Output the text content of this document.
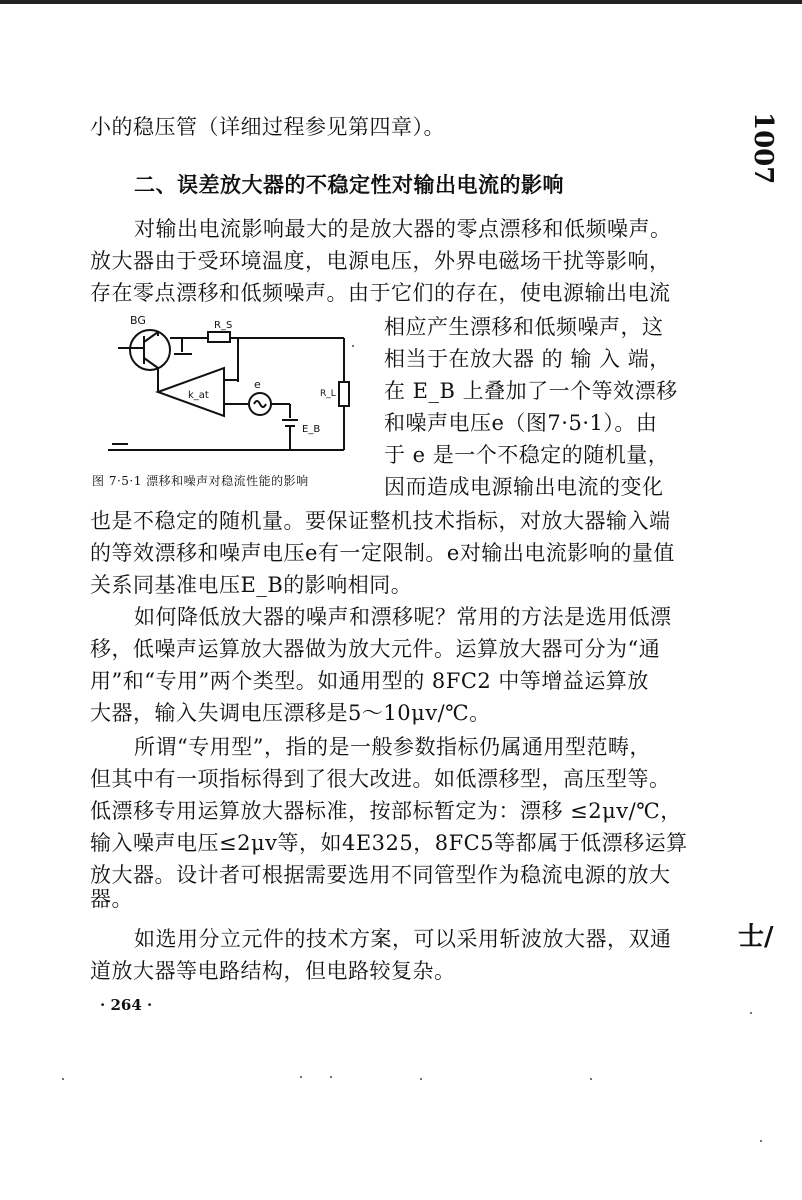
小的稳压管（详细过程参见第四章）。
二、误差放大器的不稳定性对输出电流的影响
对输出电流影响最大的是放大器的零点漂移和低频噪声。
放大器由于受环境温度，电源电压，外界电磁场干扰等影响，
存在零点漂移和低频噪声。由于它们的存在，使电源输出电流
相应产生漂移和低频噪声，这
相当于在放大器 的 输 入 端，
在 E_B 上叠加了一个等效漂移
和噪声电压e（图7·5·1）。由
于 e 是一个不稳定的随机量，
因而造成电源输出电流的变化
也是不稳定的随机量。要保证整机技术指标，对放大器输入端
的等效漂移和噪声电压e有一定限制。e对输出电流影响的量值
关系同基准电压E_B的影响相同。
如何降低放大器的噪声和漂移呢？常用的方法是选用低漂
移，低噪声运算放大器做为放大元件。运算放大器可分为“通
用”和“专用”两个类型。如通用型的 8FC2 中等增益运算放
大器，输入失调电压漂移是5～10μv/℃。
所谓“专用型”，指的是一般参数指标仍属通用型范畴，
但其中有一项指标得到了很大改进。如低漂移型，高压型等。
低漂移专用运算放大器标准，按部标暂定为：漂移 ≤2μv/℃，
输入噪声电压≤2μv等，如4E325，8FC5等都属于低漂移运算
放大器。设计者可根据需要选用不同管型作为稳流电源的放大
器。
如选用分立元件的技术方案，可以采用斩波放大器，双通
道放大器等电路结构，但电路较复杂。
BG	R_S
k_at
e
R_L
E_B
图 7·5·1 漂移和噪声对稳流性能的影响
· 264 ·
1007
士/
